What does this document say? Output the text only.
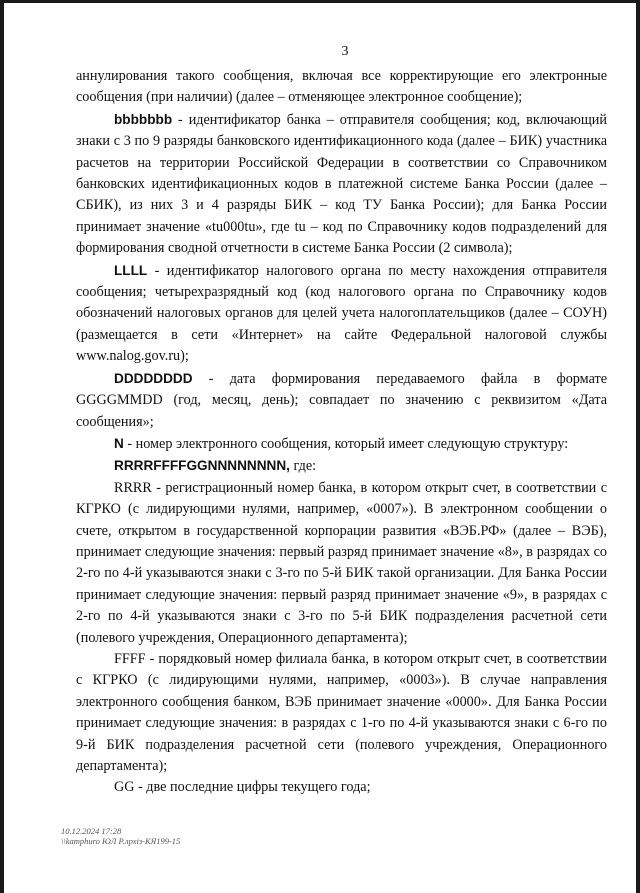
3

аннулирования такого сообщения, включая все корректирующие его электронные сообщения (при наличии) (далее – отменяющее электронное сообщение);

bbbbbbb - идентификатор банка – отправителя сообщения; код, включающий знаки с 3 по 9 разряды банковского идентификационного кода (далее – БИК) участника расчетов на территории Российской Федерации в соответствии со Справочником банковских идентификационных кодов в платежной системе Банка России (далее – СБИК), из них 3 и 4 разряды БИК – код ТУ Банка России); для Банка России принимает значение «tu000tu», где tu – код по Справочнику кодов подразделений для формирования сводной отчетности в системе Банка России (2 символа);

LLLL - идентификатор налогового органа по месту нахождения отправителя сообщения; четырехразрядный код (код налогового органа по Справочнику кодов обозначений налоговых органов для целей учета налогоплательщиков (далее – СОУН) (размещается в сети «Интернет» на сайте Федеральной налоговой службы www.nalog.gov.ru);

DDDDDDDD - дата формирования передаваемого файла в формате GGGGMMDD (год, месяц, день); совпадает по значению с реквизитом «Дата сообщения»;

N - номер электронного сообщения, который имеет следующую структуру:

RRRRFFFFGGNNNNNNNN, где:

RRRR - регистрационный номер банка, в котором открыт счет, в соответствии с КГРКО (с лидирующими нулями, например, «0007»). В электронном сообщении о счете, открытом в государственной корпорации развития «ВЭБ.РФ» (далее – ВЭБ), принимает следующие значения: первый разряд принимает значение «8», в разрядах со 2-го по 4-й указываются знаки с 3-го по 5-й БИК такой организации. Для Банка России принимает следующие значения: первый разряд принимает значение «9», в разрядах с 2-го по 4-й указываются знаки с 3-го по 5-й БИК подразделения расчетной сети (полевого учреждения, Операционного департамента);

FFFF - порядковый номер филиала банка, в котором открыт счет, в соответствии с КГРКО (с лидирующими нулями, например, «0003»). В случае направления электронного сообщения банком, ВЭБ принимает значение «0000». Для Банка России принимает следующие значения: в разрядах с 1-го по 4-й указываются знаки с 6-го по 9-й БИК подразделения расчетной сети (полевого учреждения, Операционного департамента);

GG - две последние цифры текущего года;

10.12.2024 17:28
\\kamphuro ЮЛ Р.лрхіз-КЯ199-15
